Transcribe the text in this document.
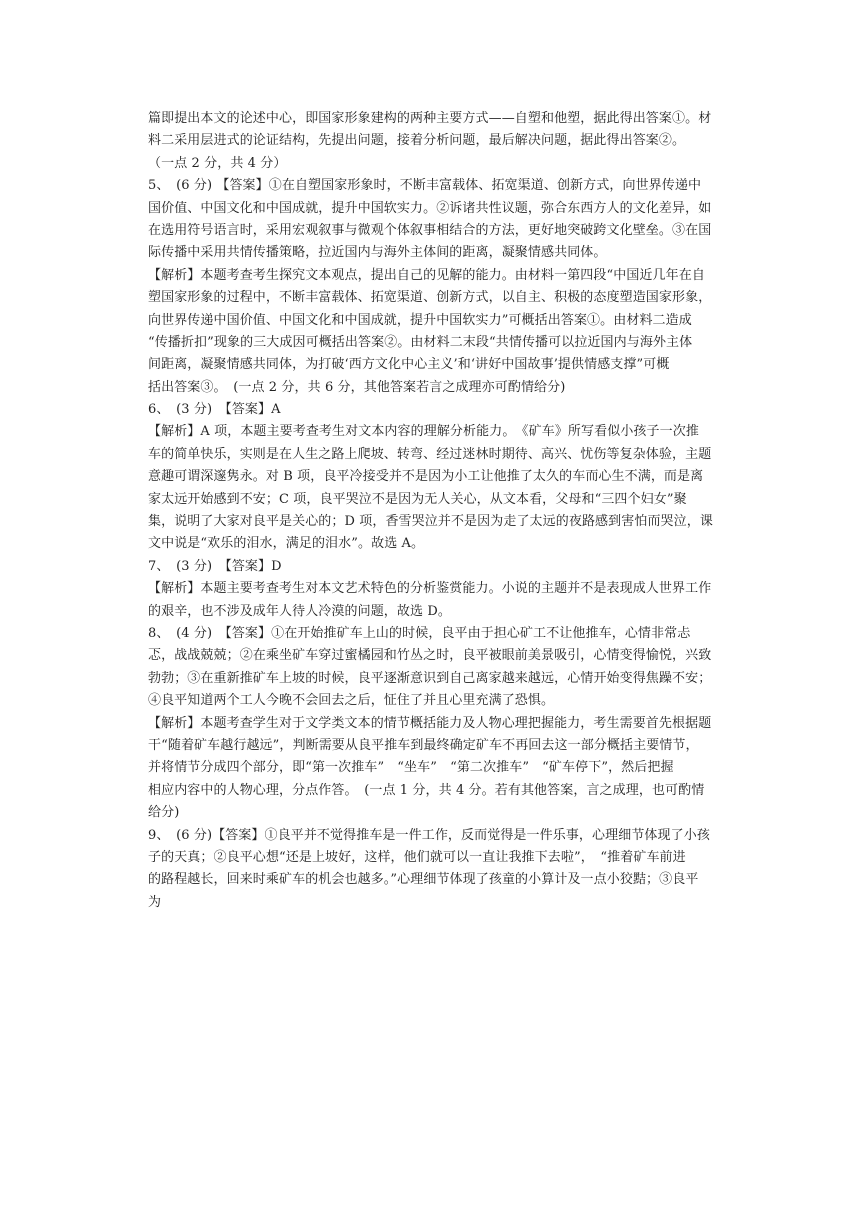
篇即提出本文的论述中心，即国家形象建构的两种主要方式——自塑和他塑，据此得出答案①。材
料二采用层进式的论证结构，先提出问题，接着分析问题，最后解决问题，据此得出答案②。
（一点 2 分，共 4 分）
5、　(6 分) 【答案】①在自塑国家形象时，不断丰富载体、拓宽渠道、创新方式，向世界传递中
国价值、中国文化和中国成就，提升中国软实力。②诉诸共性议题，弥合东西方人的文化差异，如
在选用符号语言时，采用宏观叙事与微观个体叙事相结合的方法，更好地突破跨文化壁垒。③在国
际传播中采用共情传播策略，拉近国内与海外主体间的距离，凝聚情感共同体。
【解析】本题考查考生探究文本观点，提出自己的见解的能力。由材料一第四段“中国近几年在自
塑国家形象的过程中，不断丰富载体、拓宽渠道、创新方式，以自主、积极的态度塑造国家形象，
向世界传递中国价值、中国文化和中国成就，提升中国软实力”可概括出答案①。由材料二造成
“传播折扣”现象的三大成因可概括出答案②。由材料二末段“共情传播可以拉近国内与海外主体
间距离，凝聚情感共同体，为打破‘西方文化中心主义’和‘讲好中国故事’提供情感支撑”可概
括出答案③。　(一点 2 分，共 6 分，其他答案若言之成理亦可酌情给分)
6、　(3 分)　【答案】A
【解析】A 项，本题主要考查考生对文本内容的理解分析能力。　《矿车》所写看似小孩子一次推
车的简单快乐，实则是在人生之路上爬坡、转弯、经过迷林时期待、高兴、忧伤等复杂体验，主题
意趣可谓深邃隽永。对 B 项，良平冷接受并不是因为小工让他推了太久的车而心生不满，而是离
家太远开始感到不安；C 项，良平哭泣不是因为无人关心，从文本看，父母和“三四个妇女”聚
集，说明了大家对良平是关心的；D 项，香雪哭泣并不是因为走了太远的夜路感到害怕而哭泣，课
文中说是“欢乐的泪水，满足的泪水”。故选 A。
7、　(3 分)　【答案】D
【解析】本题主要考查考生对本文艺术特色的分析鉴赏能力。小说的主题并不是表现成人世界工作
的艰辛，也不涉及成年人待人冷漠的问题，故选 D。
8、　(4 分)　【答案】①在开始推矿车上山的时候，良平由于担心矿工不让他推车，心情非常忐
忑，战战兢兢；②在乘坐矿车穿过蜜橘园和竹丛之时，良平被眼前美景吸引，心情变得愉悦，兴致
勃勃；③在重新推矿车上坡的时候，良平逐渐意识到自己离家越来越远，心情开始变得焦躁不安；
④良平知道两个工人今晚不会回去之后，怔住了并且心里充满了恐惧。
【解析】本题考查学生对于文学类文本的情节概括能力及人物心理把握能力，考生需要首先根据题
干“随着矿车越行越远”，判断需要从良平推车到最终确定矿车不再回去这一部分概括主要情节，
并将情节分成四个部分，即“第一次推车”　“坐车”　“第二次推车”　“矿车停下”，然后把握
相应内容中的人物心理，分点作答。　(一点 1 分，共 4 分。若有其他答案，言之成理，也可酌情
给分)
9、　(6 分)【答案】①良平并不觉得推车是一件工作，反而觉得是一件乐事，心理细节体现了小孩
子的天真；②良平心想“还是上坡好，这样，他们就可以一直让我推下去啦”，　“推着矿车前进
的路程越长，回来时乘矿车的机会也越多。”心理细节体现了孩童的小算计及一点小狡黠；③良平
为
